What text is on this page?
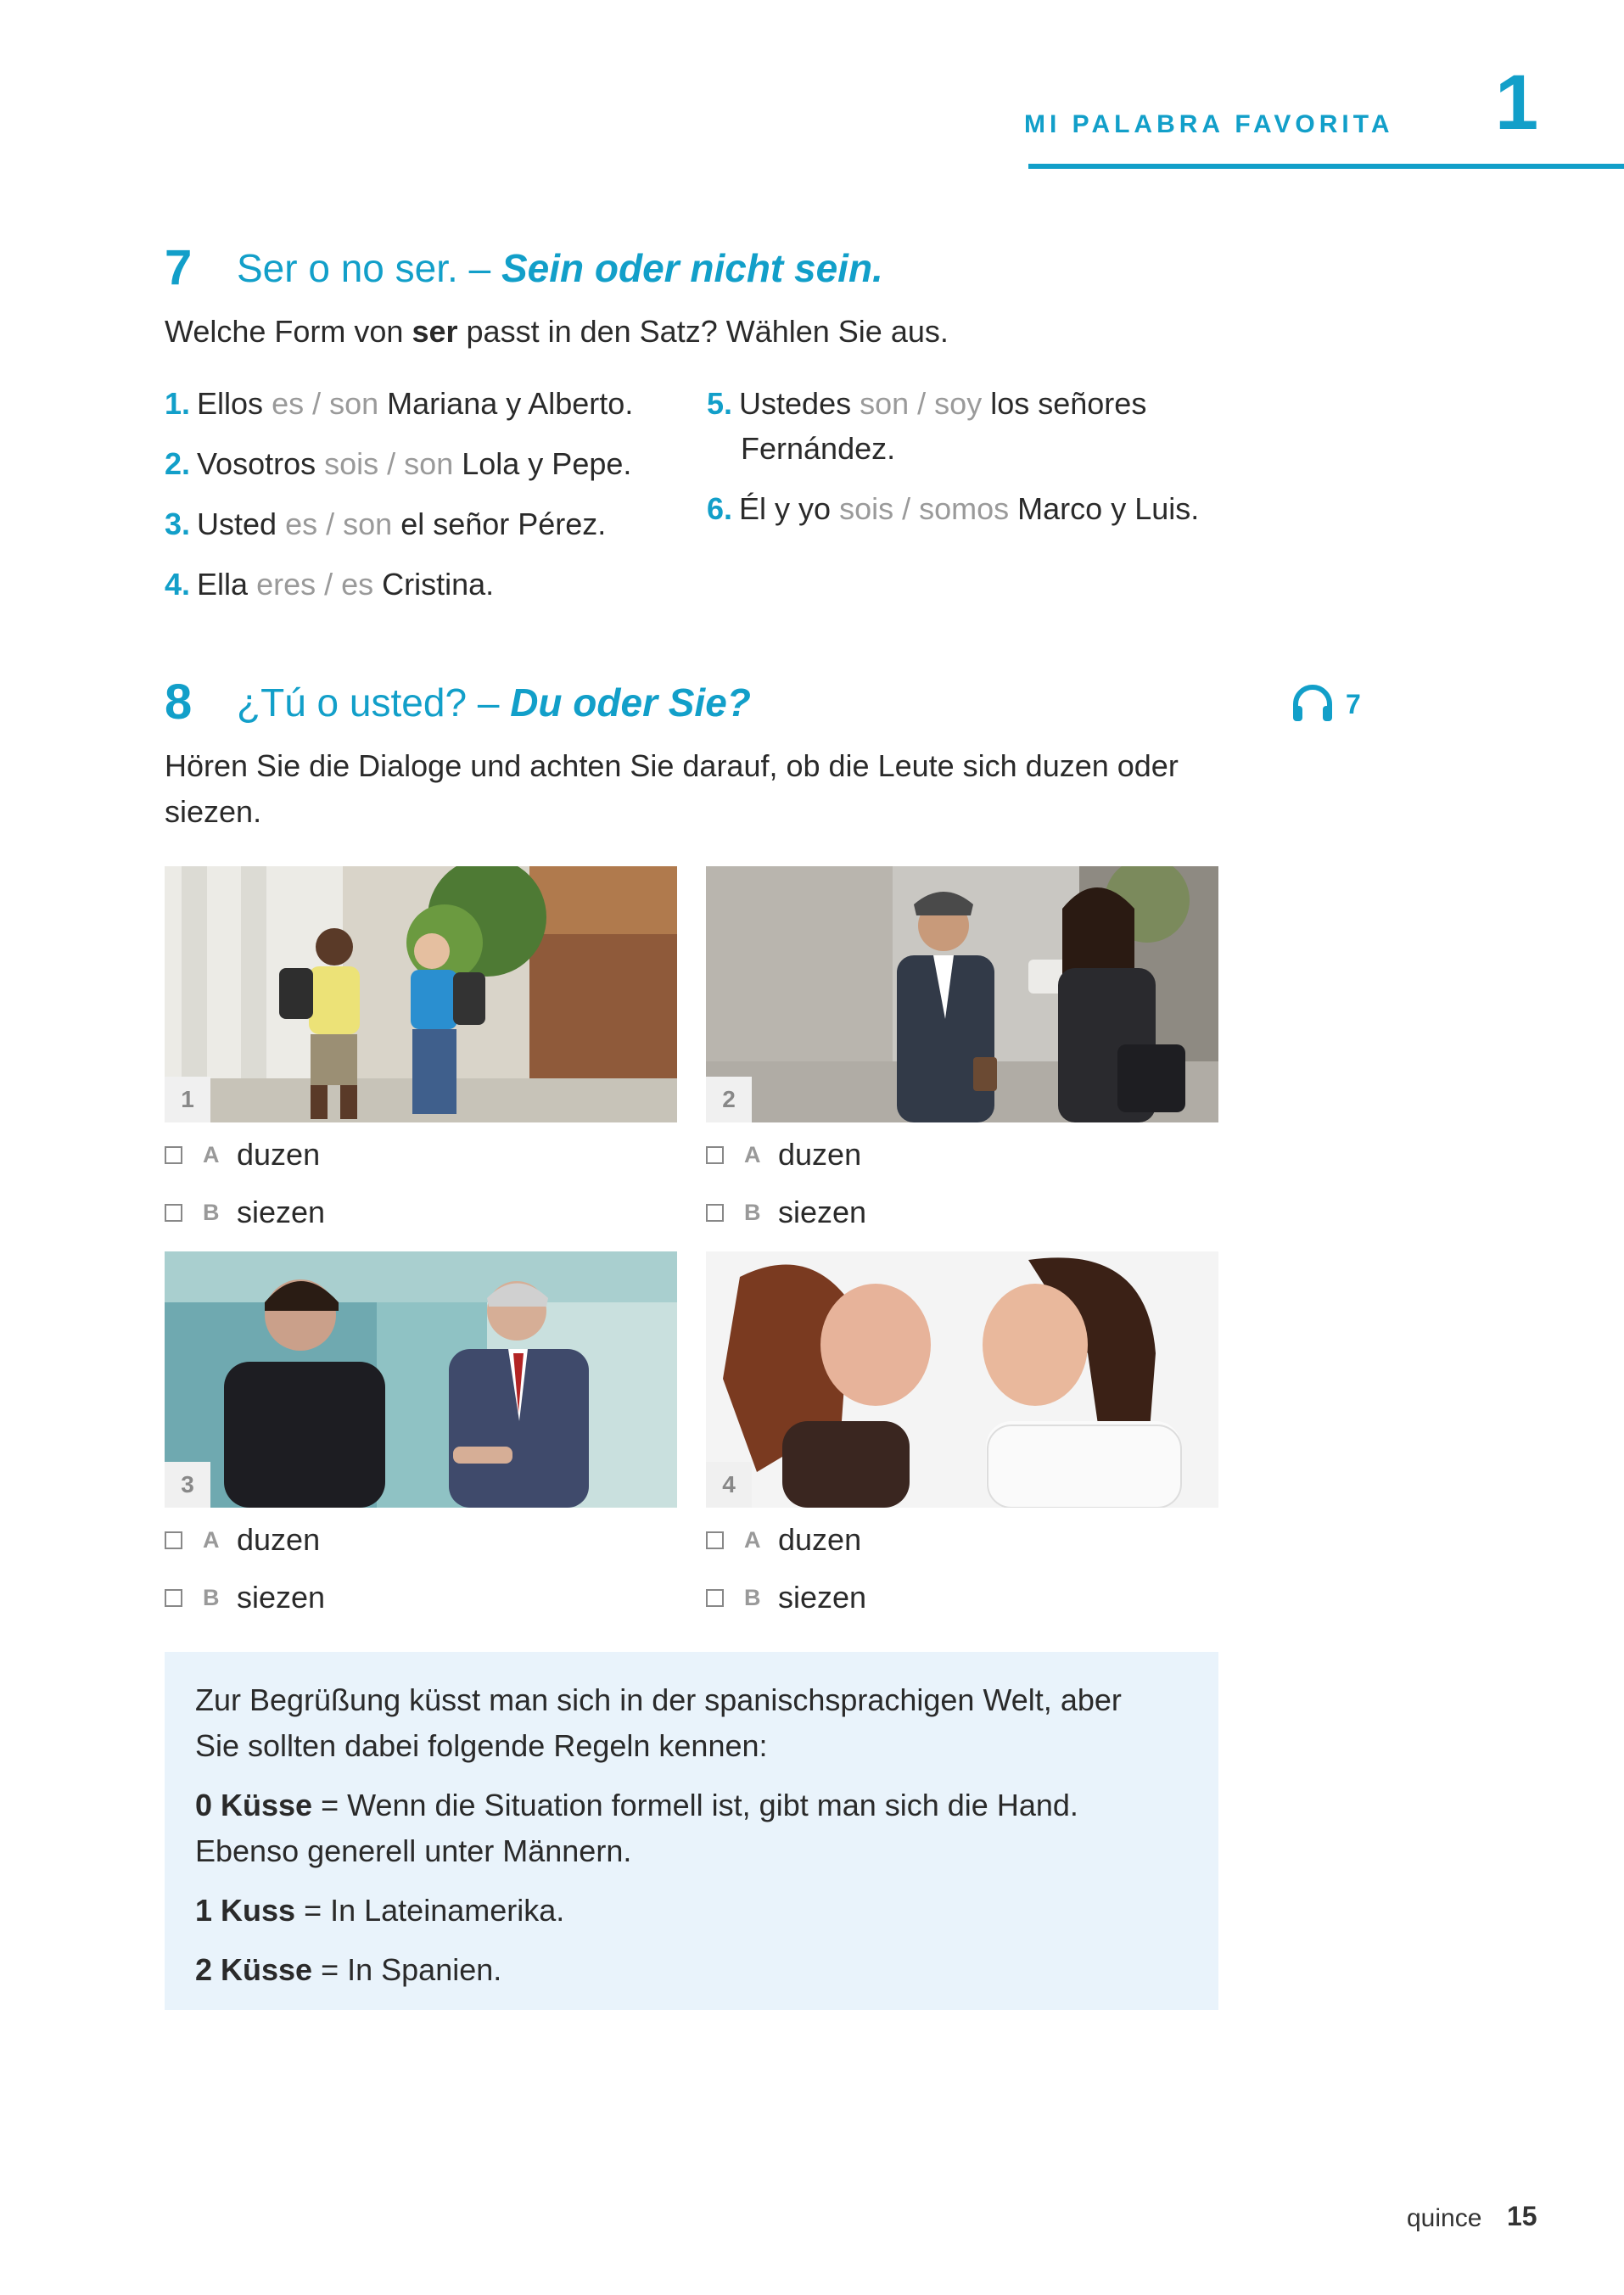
MI PALABRA FAVORITA 1
7 Ser o no ser. – Sein oder nicht sein.
Welche Form von ser passt in den Satz? Wählen Sie aus.
1. Ellos es / son Mariana y Alberto.
2. Vosotros sois / son Lola y Pepe.
3. Usted es / son el señor Pérez.
4. Ella eres / es Cristina.
5. Ustedes son / soy los señores
Fernández.
6. Él y yo sois / somos Marco y Luis.
8 ¿Tú o usted? – Du oder Sie?	7
Hören Sie die Dialoge und achten Sie darauf, ob die Leute sich duzen oder
siezen.
1	2
A duzen
B siezen
A duzen
B siezen
3	4
A duzen
B siezen
A duzen
B siezen
Zur Begrüßung küsst man sich in der spanischsprachigen Welt, aber
Sie sollten dabei folgende Regeln kennen:
0 Küsse = Wenn die Situation formell ist, gibt man sich die Hand.
Ebenso generell unter Männern.
1 Kuss = In Lateinamerika.
2 Küsse = In Spanien.
quince 15
